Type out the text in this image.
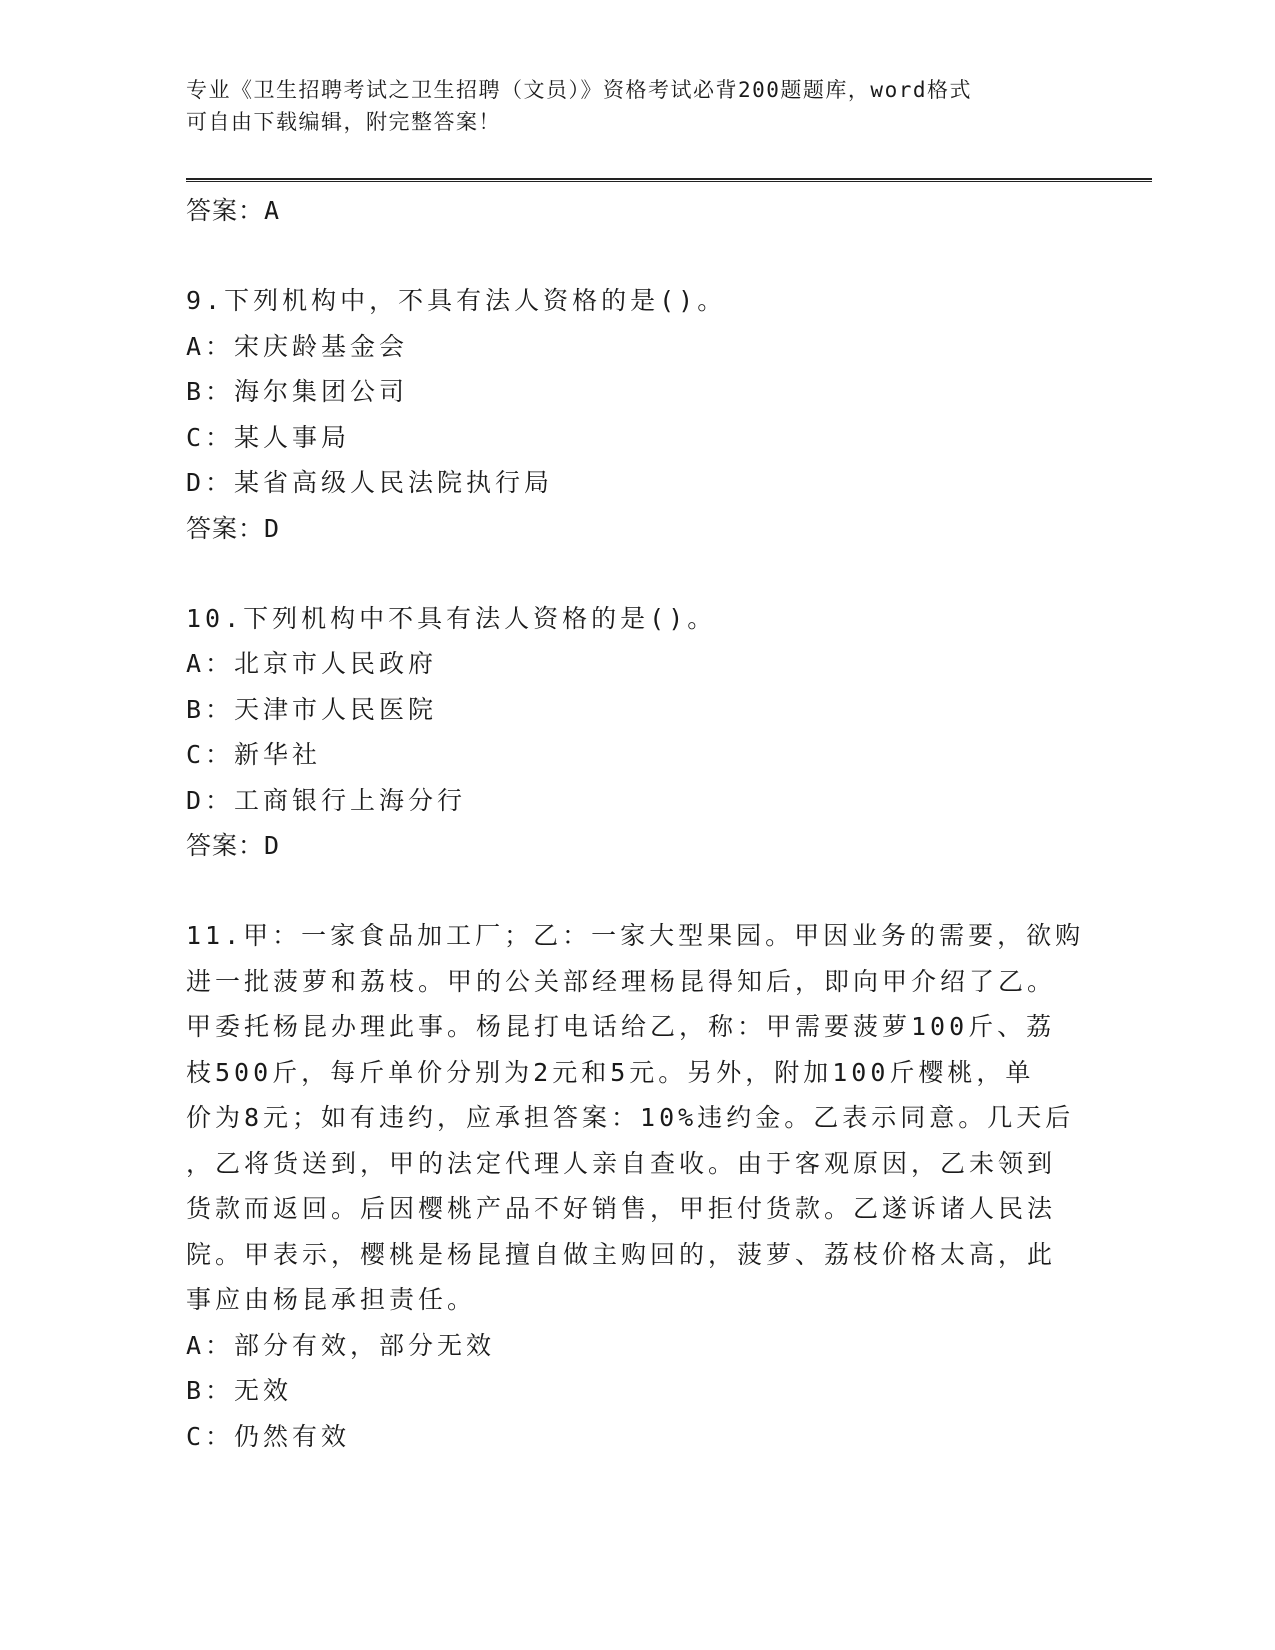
专业《卫生招聘考试之卫生招聘（文员）》资格考试必背200题题库，word格式
可自由下载编辑，附完整答案！

答案：A

9.下列机构中，不具有法人资格的是()。

A：宋庆龄基金会

B：海尔集团公司

C：某人事局

D：某省高级人民法院执行局

答案：D

10.下列机构中不具有法人资格的是()。

A：北京市人民政府

B：天津市人民医院

C：新华社

D：工商银行上海分行

答案：D

11.甲：一家食品加工厂；乙：一家大型果园。甲因业务的需要，欲购

进一批菠萝和荔枝。甲的公关部经理杨昆得知后，即向甲介绍了乙。

甲委托杨昆办理此事。杨昆打电话给乙，称：甲需要菠萝100斤、荔

枝500斤，每斤单价分别为2元和5元。另外，附加100斤樱桃，单

价为8元；如有违约，应承担答案：10%违约金。乙表示同意。几天后

，乙将货送到，甲的法定代理人亲自查收。由于客观原因，乙未领到

货款而返回。后因樱桃产品不好销售，甲拒付货款。乙遂诉诸人民法

院。甲表示，樱桃是杨昆擅自做主购回的，菠萝、荔枝价格太高，此

事应由杨昆承担责任。

A：部分有效，部分无效

B：无效

C：仍然有效
